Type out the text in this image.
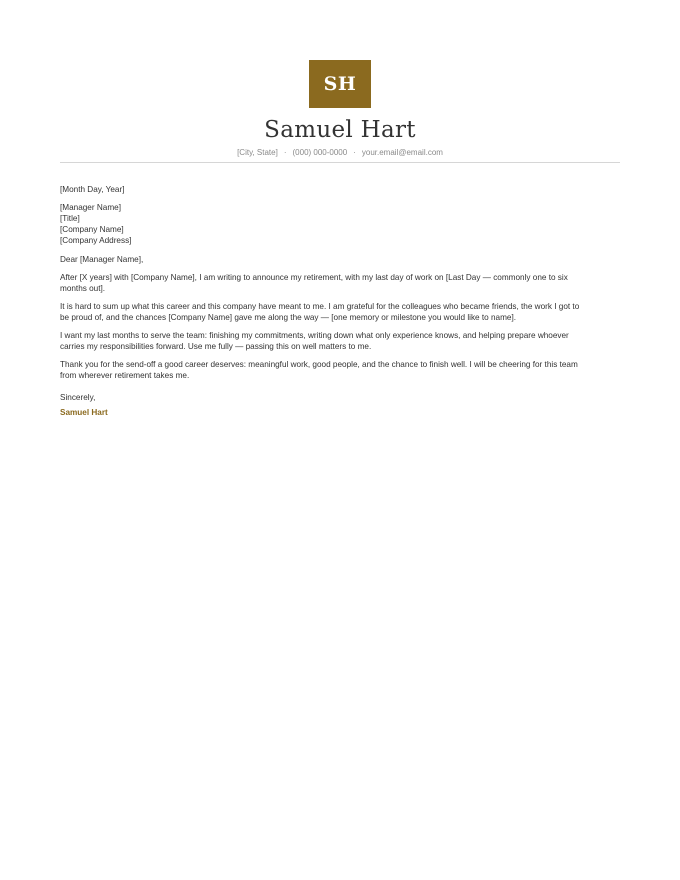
SH
Samuel Hart
[City, State] · (000) 000-0000 · your.email@email.com
[Month Day, Year]
[Manager Name]
[Title]
[Company Name]
[Company Address]
Dear [Manager Name],
After [X years] with [Company Name], I am writing to announce my retirement, with my last day of work on [Last Day — commonly one to six
months out].
It is hard to sum up what this career and this company have meant to me. I am grateful for the colleagues who became friends, the work I got to
be proud of, and the chances [Company Name] gave me along the way — [one memory or milestone you would like to name].
I want my last months to serve the team: finishing my commitments, writing down what only experience knows, and helping prepare whoever
carries my responsibilities forward. Use me fully — passing this on well matters to me.
Thank you for the send-off a good career deserves: meaningful work, good people, and the chance to finish well. I will be cheering for this team
from wherever retirement takes me.
Sincerely,
Samuel Hart
